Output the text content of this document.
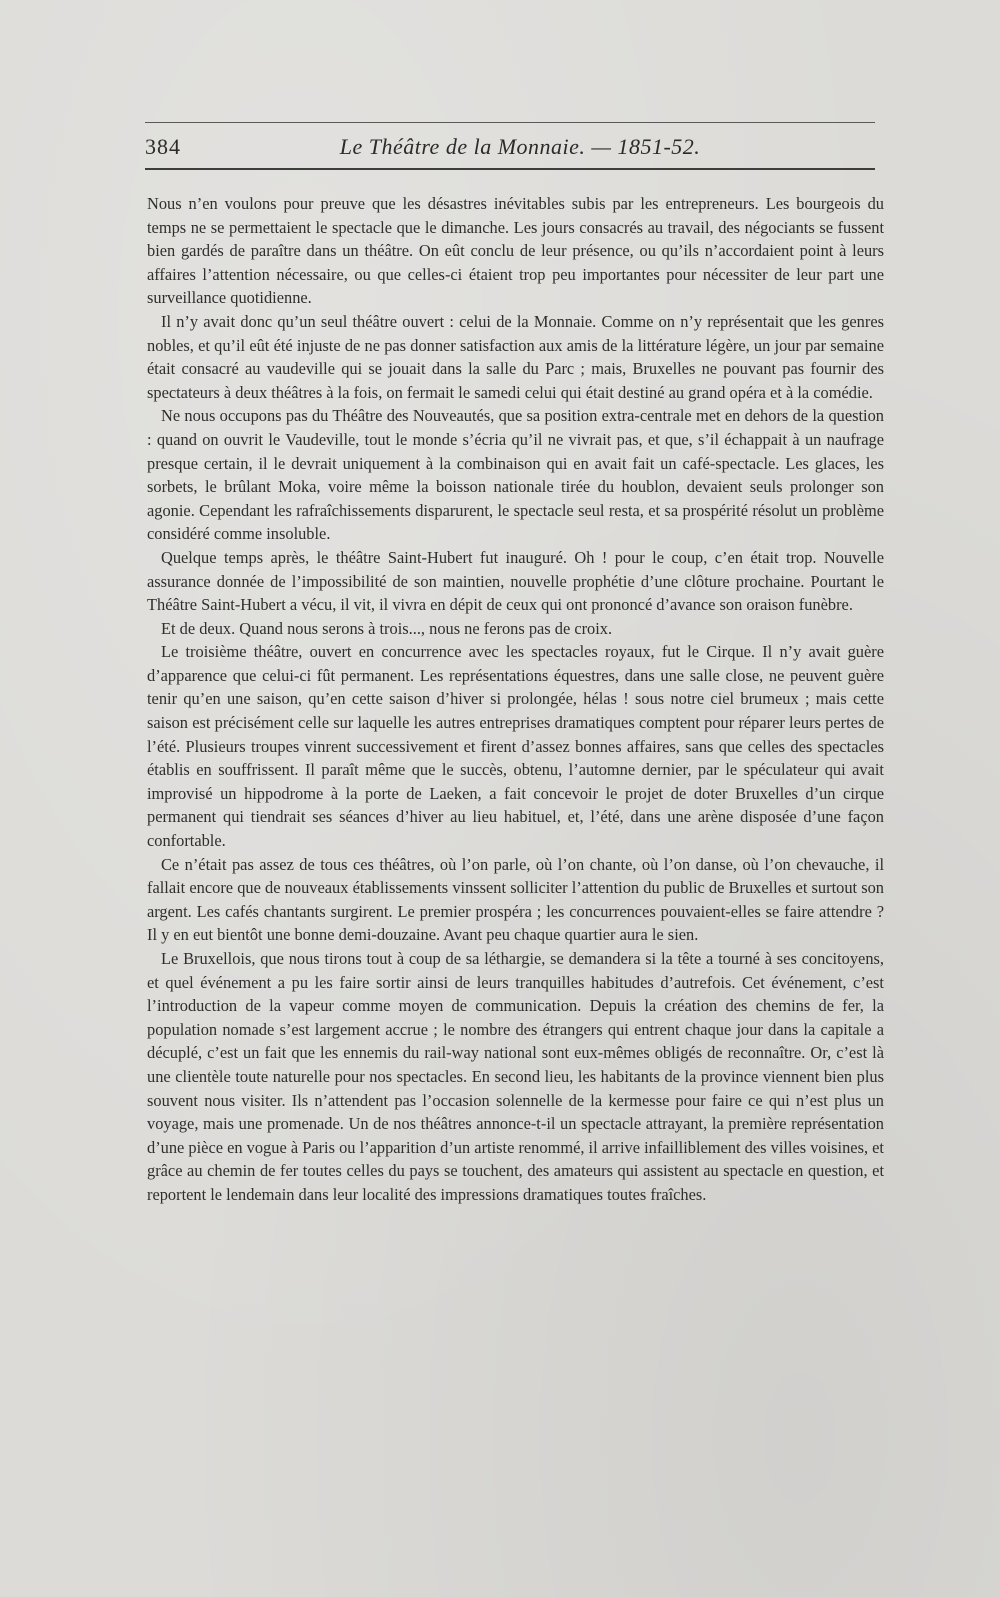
384	Le Théâtre de la Monnaie. — 1851-52.

Nous n’en voulons pour preuve que les désastres inévitables subis par les entrepreneurs. Les bourgeois du temps ne se permettaient le spectacle que le dimanche. Les jours consacrés au travail, des négociants se fussent bien gardés de paraître dans un théâtre. On eût conclu de leur présence, ou qu’ils n’accordaient point à leurs affaires l’attention nécessaire, ou que celles-ci étaient trop peu importantes pour nécessiter de leur part une surveillance quotidienne.

Il n’y avait donc qu’un seul théâtre ouvert : celui de la Monnaie. Comme on n’y représentait que les genres nobles, et qu’il eût été injuste de ne pas donner satisfaction aux amis de la littérature légère, un jour par semaine était consacré au vaudeville qui se jouait dans la salle du Parc ; mais, Bruxelles ne pouvant pas fournir des spectateurs à deux théâtres à la fois, on fermait le samedi celui qui était destiné au grand opéra et à la comédie.

Ne nous occupons pas du Théâtre des Nouveautés, que sa position extra-centrale met en dehors de la question : quand on ouvrit le Vaudeville, tout le monde s’écria qu’il ne vivrait pas, et que, s’il échappait à un naufrage presque certain, il le devrait uniquement à la combinaison qui en avait fait un café-spectacle. Les glaces, les sorbets, le brûlant Moka, voire même la boisson nationale tirée du houblon, devaient seuls prolonger son agonie. Cependant les rafraîchissements disparurent, le spectacle seul resta, et sa prospérité résolut un problème considéré comme insoluble.

Quelque temps après, le théâtre Saint-Hubert fut inauguré. Oh ! pour le coup, c’en était trop. Nouvelle assurance donnée de l’impossibilité de son maintien, nouvelle prophétie d’une clôture prochaine. Pourtant le Théâtre Saint-Hubert a vécu, il vit, il vivra en dépit de ceux qui ont prononcé d’avance son oraison funèbre.

Et de deux. Quand nous serons à trois..., nous ne ferons pas de croix.

Le troisième théâtre, ouvert en concurrence avec les spectacles royaux, fut le Cirque. Il n’y avait guère d’apparence que celui-ci fût permanent. Les représentations équestres, dans une salle close, ne peuvent guère tenir qu’en une saison, qu’en cette saison d’hiver si prolongée, hélas ! sous notre ciel brumeux ; mais cette saison est précisément celle sur laquelle les autres entreprises dramatiques comptent pour réparer leurs pertes de l’été. Plusieurs troupes vinrent successivement et firent d’assez bonnes affaires, sans que celles des spectacles établis en souffrissent. Il paraît même que le succès, obtenu, l’automne dernier, par le spéculateur qui avait improvisé un hippodrome à la porte de Laeken, a fait concevoir le projet de doter Bruxelles d’un cirque permanent qui tiendrait ses séances d’hiver au lieu habituel, et, l’été, dans une arène disposée d’une façon confortable.

Ce n’était pas assez de tous ces théâtres, où l’on parle, où l’on chante, où l’on danse, où l’on chevauche, il fallait encore que de nouveaux établissements vinssent solliciter l’attention du public de Bruxelles et surtout son argent. Les cafés chantants surgirent. Le premier prospéra ; les concurrences pouvaient-elles se faire attendre ? Il y en eut bientôt une bonne demi-douzaine. Avant peu chaque quartier aura le sien.

Le Bruxellois, que nous tirons tout à coup de sa léthargie, se demandera si la tête a tourné à ses concitoyens, et quel événement a pu les faire sortir ainsi de leurs tranquilles habitudes d’autrefois. Cet événement, c’est l’introduction de la vapeur comme moyen de communication. Depuis la création des chemins de fer, la population nomade s’est largement accrue ; le nombre des étrangers qui entrent chaque jour dans la capitale a décuplé, c’est un fait que les ennemis du rail-way national sont eux-mêmes obligés de reconnaître. Or, c’est là une clientèle toute naturelle pour nos spectacles. En second lieu, les habitants de la province viennent bien plus souvent nous visiter. Ils n’attendent pas l’occasion solennelle de la kermesse pour faire ce qui n’est plus un voyage, mais une promenade. Un de nos théâtres annonce-t-il un spectacle attrayant, la première représentation d’une pièce en vogue à Paris ou l’apparition d’un artiste renommé, il arrive infailliblement des villes voisines, et grâce au chemin de fer toutes celles du pays se touchent, des amateurs qui assistent au spectacle en question, et reportent le lendemain dans leur localité des impressions dramatiques toutes fraîches.
